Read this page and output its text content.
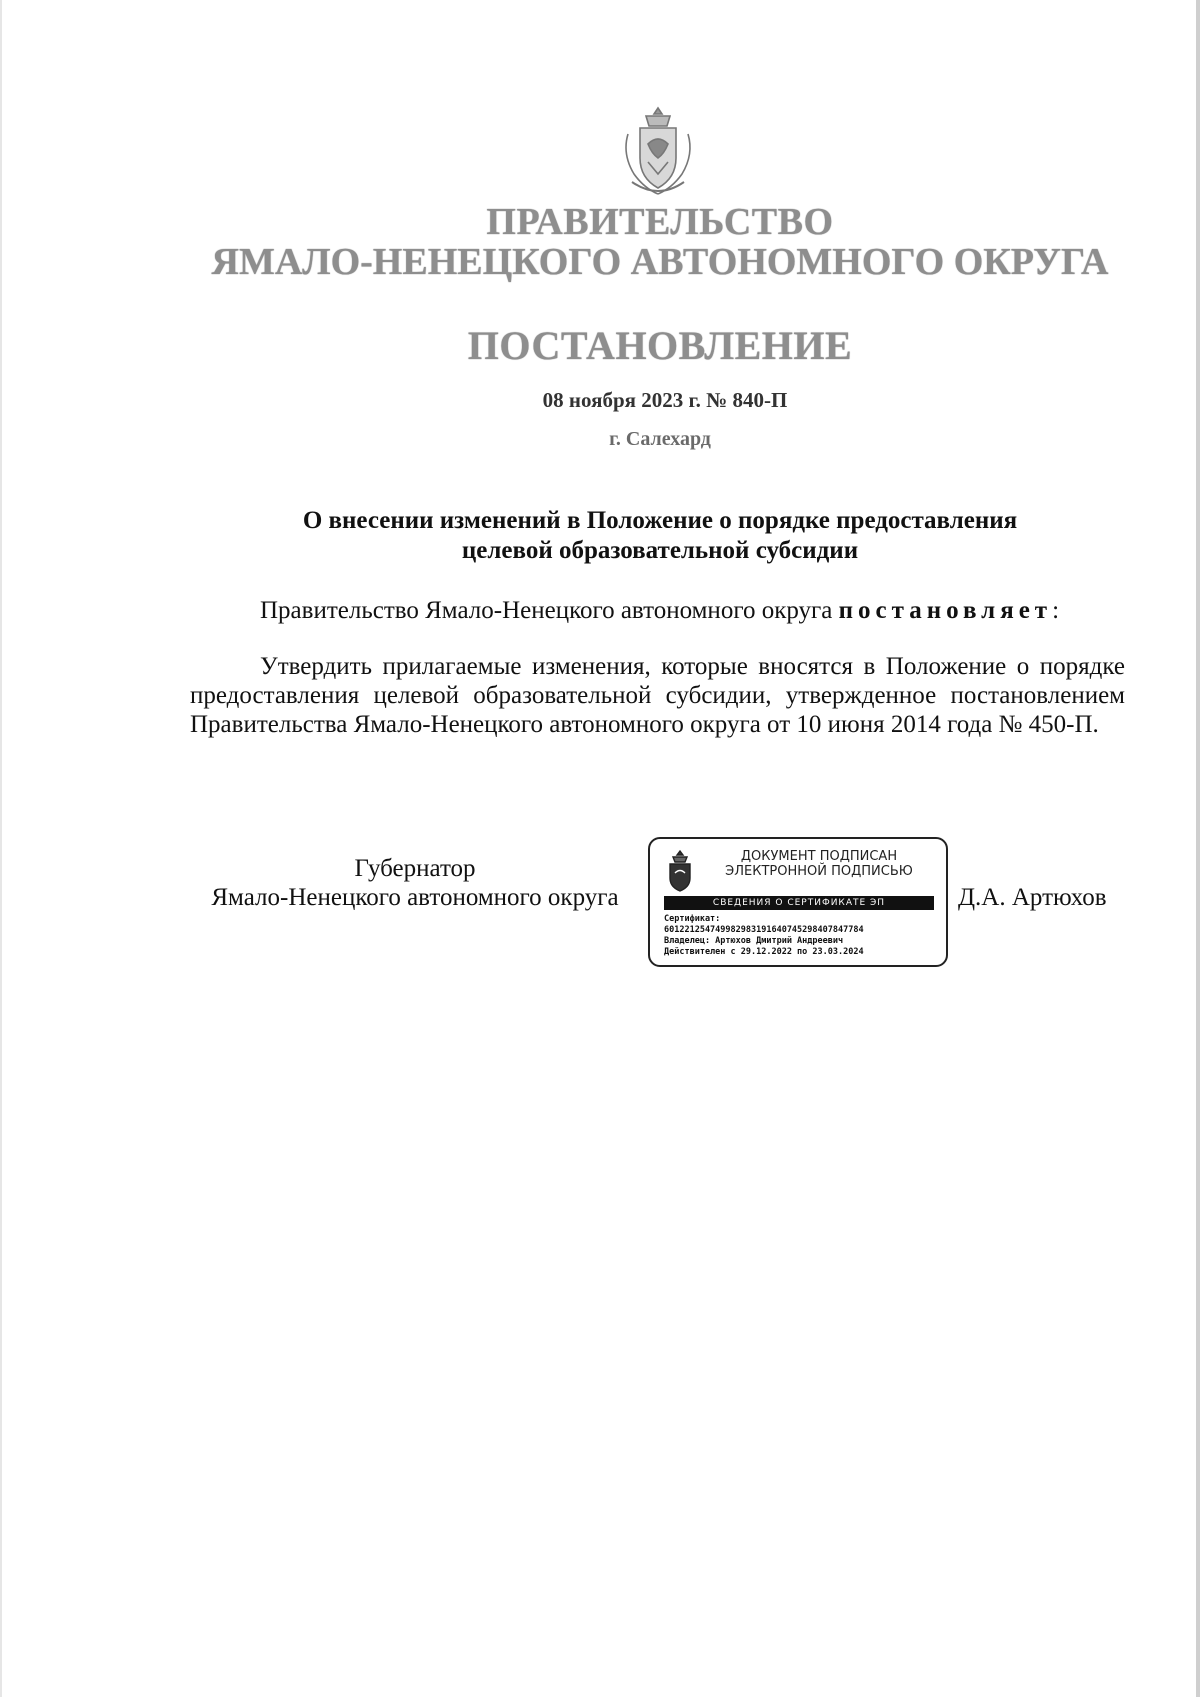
ПРАВИТЕЛЬСТВО
ЯМАЛО-НЕНЕЦКОГО АВТОНОМНОГО ОКРУГА
ПОСТАНОВЛЕНИЕ
08 ноября 2023 г. № 840-П
г. Салехард
О внесении изменений в Положение о порядке предоставления
целевой образовательной субсидии
Правительство Ямало-Ненецкого автономного округа постановляет:
Утвердить прилагаемые изменения, которые вносятся в Положение о порядке предоставления целевой образовательной субсидии, утвержденное постановлением Правительства Ямало-Ненецкого автономного округа от 10 июня 2014 года № 450-П.
Губернатор
Ямало-Ненецкого автономного округа
ДОКУМЕНТ ПОДПИСАН
ЭЛЕКТРОННОЙ ПОДПИСЬЮ
СВЕДЕНИЯ О СЕРТИФИКАТЕ ЭП
Сертификат:
601221254749982983191640745298407847784
Владелец: Артюхов Дмитрий Андреевич
Действителен с 29.12.2022 по 23.03.2024
Д.А. Артюхов
